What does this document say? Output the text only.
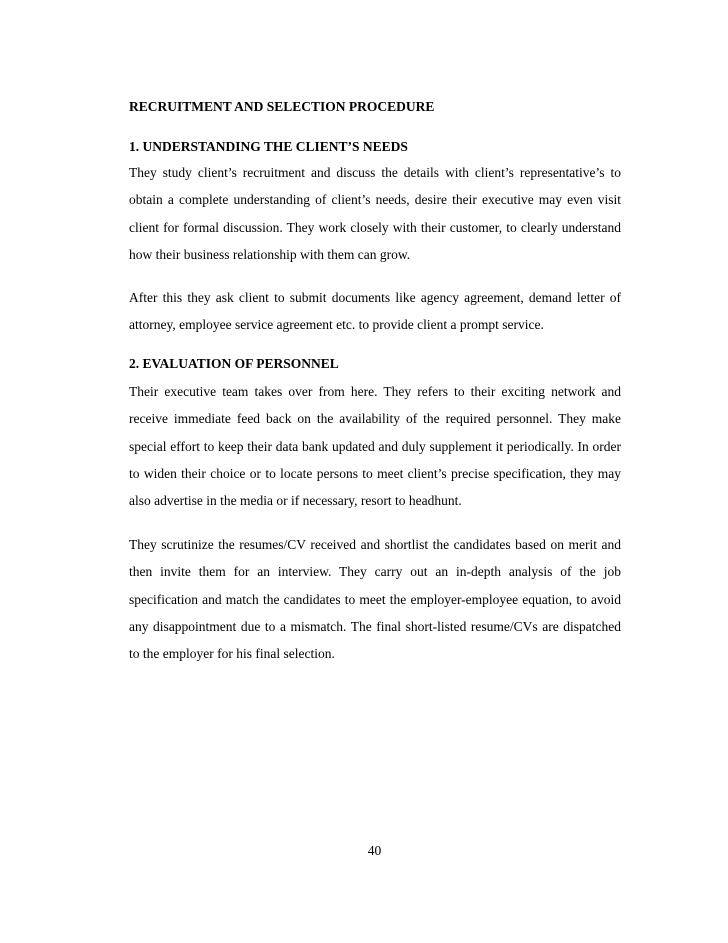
RECRUITMENT AND SELECTION PROCEDURE
1. UNDERSTANDING THE CLIENT’S NEEDS
They study client’s recruitment and discuss the details with client’s representative’s to obtain a complete understanding of client’s needs, desire their executive may even visit client for formal discussion. They work closely with their customer, to clearly understand how their business relationship with them can grow.
After this they ask client to submit documents like agency agreement, demand letter of attorney, employee service agreement etc. to provide client a prompt service.
2. EVALUATION OF PERSONNEL
Their executive team takes over from here. They refers to their exciting network and receive immediate feed back on the availability of the required personnel. They make special effort to keep their data bank updated and duly supplement it periodically. In order to widen their choice or to locate persons to meet client’s precise specification, they may also advertise in the media or if necessary, resort to headhunt.
They scrutinize the resumes/CV received and shortlist the candidates based on merit and then invite them for an interview. They carry out an in-depth analysis of the job specification and match the candidates to meet the employer-employee equation, to avoid any disappointment due to a mismatch. The final short-listed resume/CVs are dispatched to the employer for his final selection.
40
